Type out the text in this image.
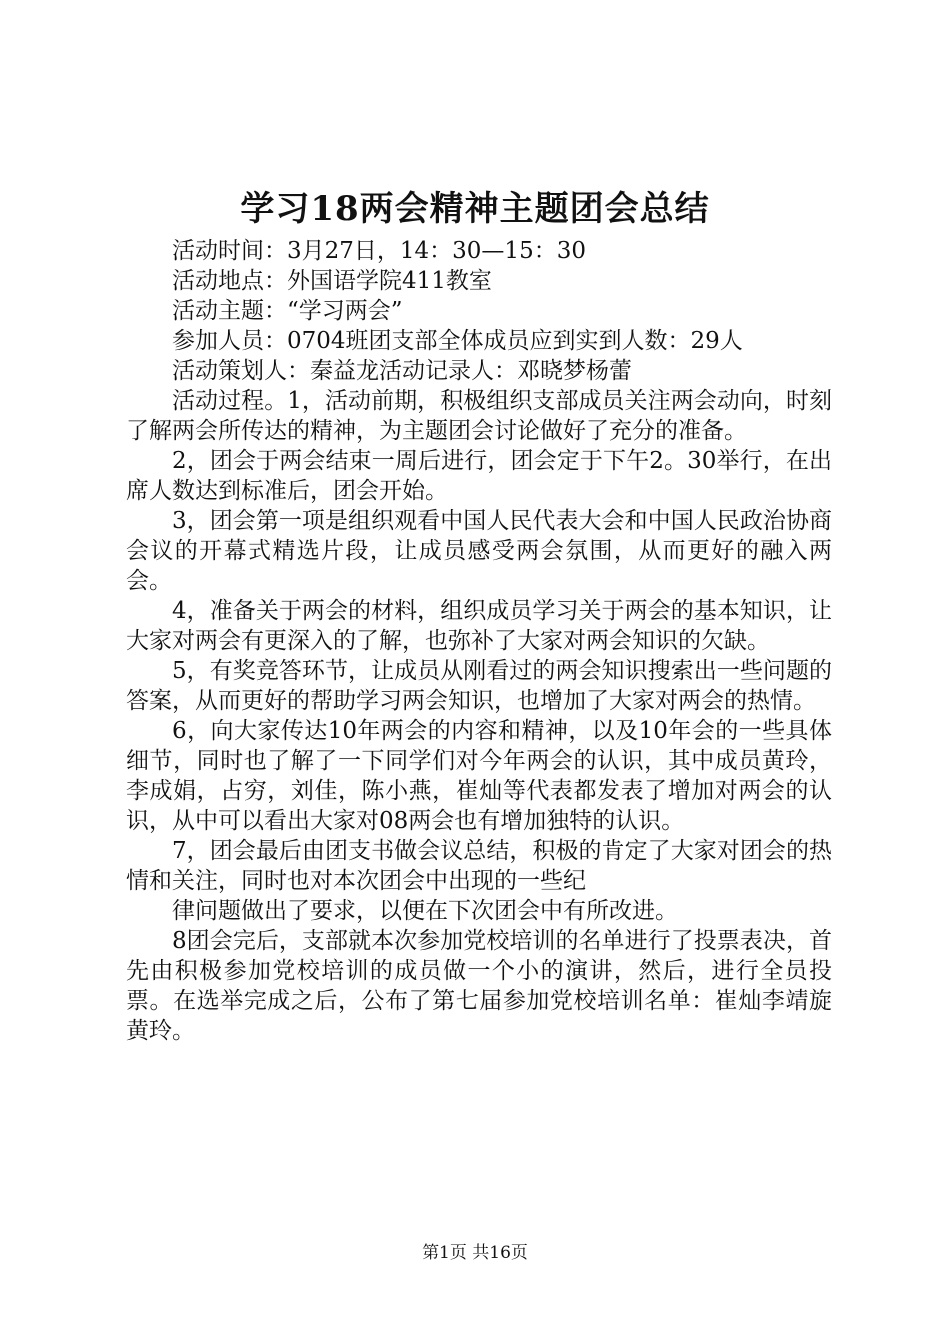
学习18两会精神主题团会总结

活动时间：3月27日，14：30—15：30

活动地点：外国语学院411教室

活动主题：“学习两会”

参加人员：0704班团支部全体成员应到实到人数：29人

活动策划人：秦益龙活动记录人：邓晓梦杨蕾

活动过程。1，活动前期，积极组织支部成员关注两会动向，时刻了解两会所传达的精神，为主题团会讨论做好了充分的准备。

2，团会于两会结束一周后进行，团会定于下午2。30举行，在出席人数达到标准后，团会开始。

3，团会第一项是组织观看中国人民代表大会和中国人民政治协商会议的开幕式精选片段，让成员感受两会氛围，从而更好的融入两会。

4，准备关于两会的材料，组织成员学习关于两会的基本知识，让大家对两会有更深入的了解，也弥补了大家对两会知识的欠缺。

5，有奖竞答环节，让成员从刚看过的两会知识搜索出一些问题的答案，从而更好的帮助学习两会知识，也增加了大家对两会的热情。

6，向大家传达10年两会的内容和精神，以及10年会的一些具体细节，同时也了解了一下同学们对今年两会的认识，其中成员黄玲，李成娟，占穷，刘佳，陈小燕，崔灿等代表都发表了增加对两会的认识，从中可以看出大家对08两会也有增加独特的认识。

7，团会最后由团支书做会议总结，积极的肯定了大家对团会的热情和关注，同时也对本次团会中出现的一些纪

律问题做出了要求，以便在下次团会中有所改进。

8团会完后，支部就本次参加党校培训的名单进行了投票表决，首先由积极参加党校培训的成员做一个小的演讲，然后，进行全员投票。在选举完成之后，公布了第七届参加党校培训名单：崔灿李靖旋黄玲。

第1页 共16页
